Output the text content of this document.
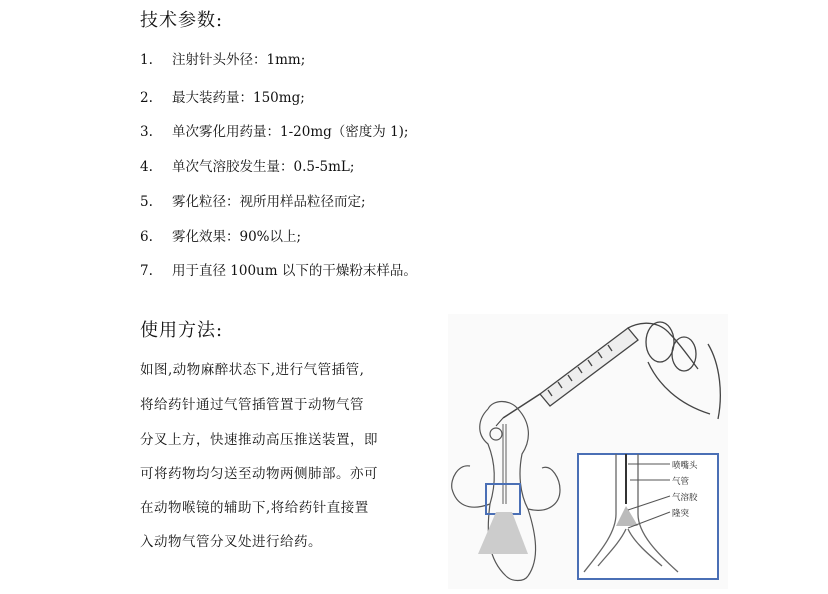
技术参数:
1. 注射针头外径：1mm;
2. 最大装药量：150mg;
3. 单次雾化用药量：1-20mg（密度为 1);
4. 单次气溶胶发生量：0.5-5mL;
5. 雾化粒径：视所用样品粒径而定;
6. 雾化效果：90%以上;
7. 用于直径 100um 以下的干燥粉末样品。
使用方法:
如图,动物麻醉状态下,进行气管插管,
将给药针通过气管插管置于动物气管
分叉上方，快速推动高压推送装置，即
可将药物均匀送至动物两侧肺部。亦可
在动物喉镜的辅助下,将给药针直接置
入动物气管分叉处进行给药。
喷嘴头
气管
气溶胶
隆突
